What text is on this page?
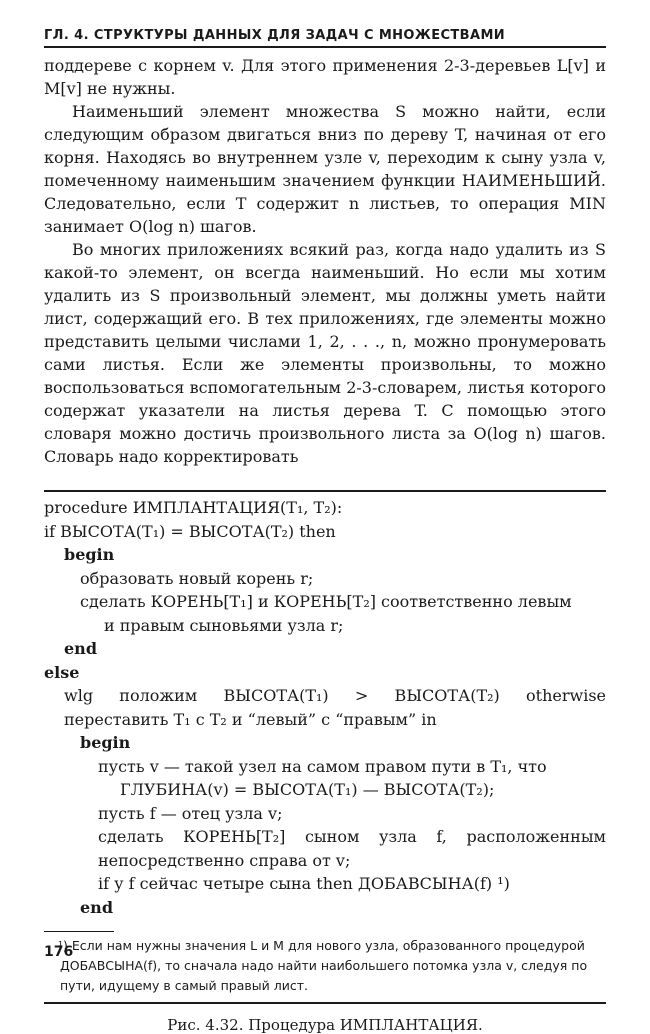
ГЛ. 4. СТРУКТУРЫ ДАННЫХ ДЛЯ ЗАДАЧ С МНОЖЕСТВАМИ

поддереве с корнем v. Для этого применения 2-3-деревьев L[v] и M[v] не нужны.

Наименьший элемент множества S можно найти, если следующим образом двигаться вниз по дереву T, начиная от его корня. Находясь во внутреннем узле v, переходим к сыну узла v, помеченному наименьшим значением функции НАИМЕНЬШИЙ. Следовательно, если T содержит n листьев, то операция MIN занимает O(log n) шагов.

Во многих приложениях всякий раз, когда надо удалить из S какой-то элемент, он всегда наименьший. Но если мы хотим удалить из S произвольный элемент, мы должны уметь найти лист, содержащий его. В тех приложениях, где элементы можно представить целыми числами 1, 2, . . ., n, можно пронумеровать сами листья. Если же элементы произвольны, то можно воспользоваться вспомогательным 2-3-словарем, листья которого содержат указатели на листья дерева T. С помощью этого словаря можно достичь произвольного листа за O(log n) шагов. Словарь надо корректировать

procedure ИМПЛАНТАЦИЯ(T₁, T₂):
if ВЫСОТА(T₁) = ВЫСОТА(T₂) then
begin
образовать новый корень r;
сделать КОРЕНЬ[T₁] и КОРЕНЬ[T₂] соответственно левым
и правым сыновьями узла r;
end
else
wlg положим ВЫСОТА(T₁) > ВЫСОТА(T₂) otherwise переставить T₁ с T₂ и “левый” с “правым” in
begin
пусть v — такой узел на самом правом пути в T₁, что
ГЛУБИНА(v) = ВЫСОТА(T₁) — ВЫСОТА(T₂);
пусть f — отец узла v;
сделать КОРЕНЬ[T₂] сыном узла f, расположенным непосредственно справа от v;
if у f сейчас четыре сына then ДОБАВСЫНА(f) ¹)
end
¹) Если нам нужны значения L и M для нового узла, образованного процедурой ДОБАВСЫНА(f), то сначала надо найти наибольшего потомка узла v, следуя по пути, идущему в самый правый лист.
Рис. 4.32. Процедура ИМПЛАНТАЦИЯ.
176
